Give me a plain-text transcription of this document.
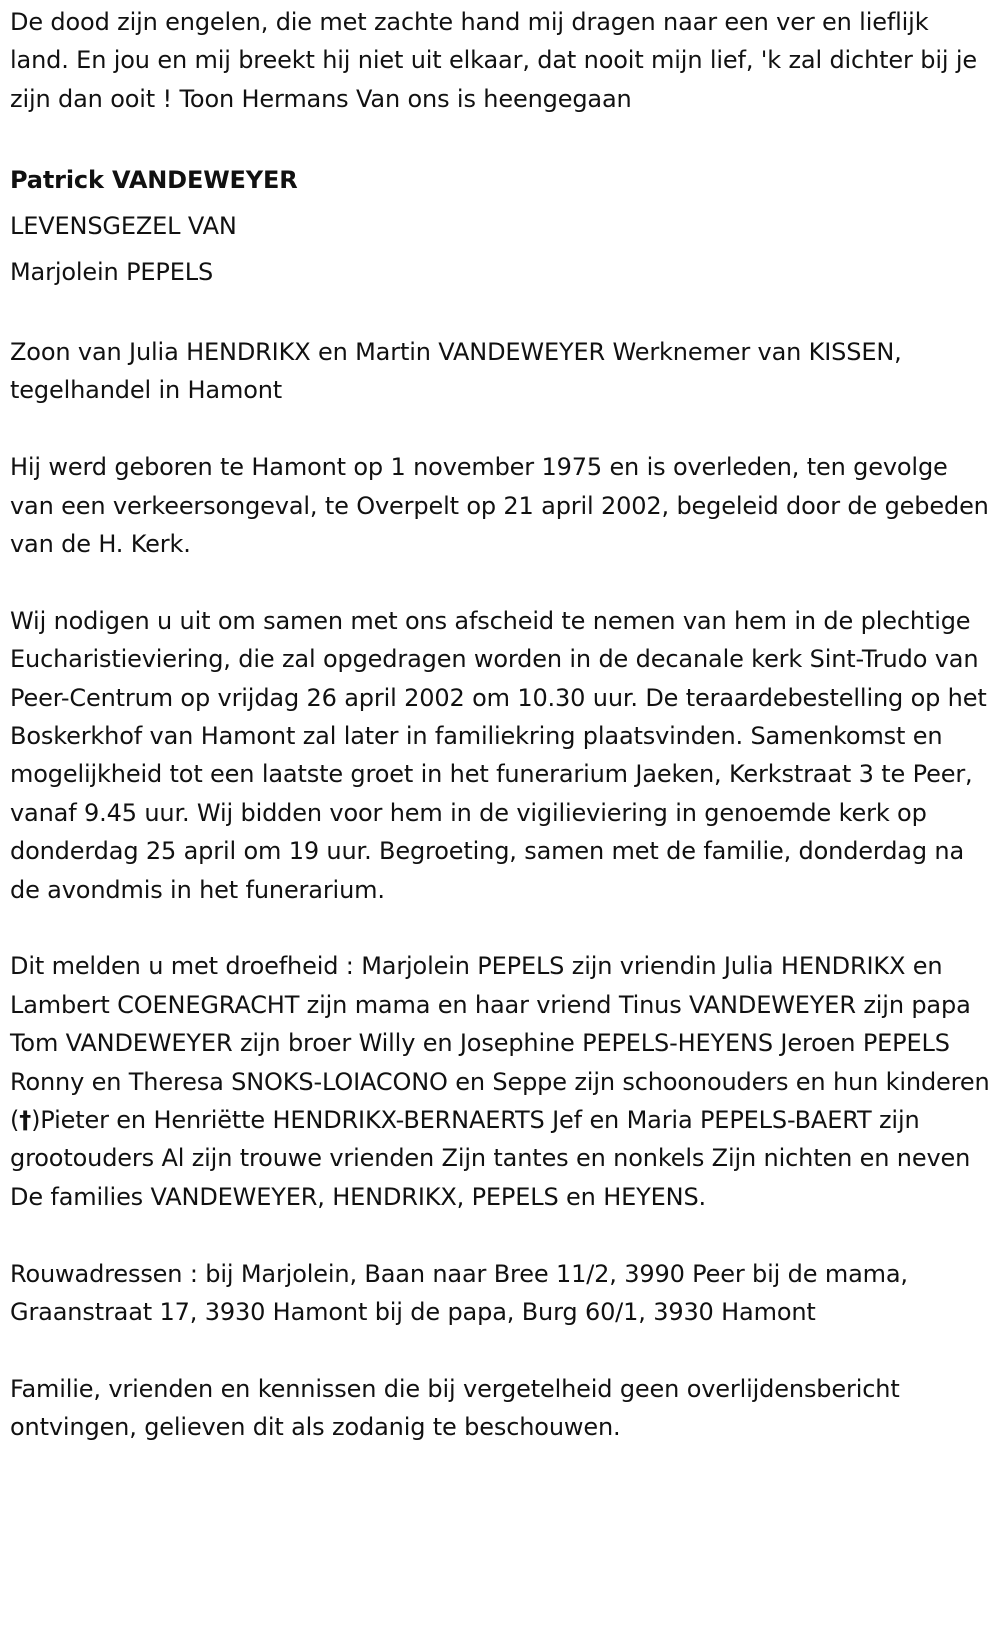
De dood zijn engelen, die met zachte hand mij dragen naar een ver en lieflijk land. En jou en mij breekt hij niet uit elkaar, dat nooit mijn lief, 'k zal dichter bij je zijn dan ooit ! Toon Hermans Van ons is heengegaan

Patrick VANDEWEYER

LEVENSGEZEL VAN

Marjolein PEPELS

Zoon van Julia HENDRIKX en Martin VANDEWEYER Werknemer van KISSEN, tegelhandel in Hamont

Hij werd geboren te Hamont op 1 november 1975 en is overleden, ten gevolge van een verkeersongeval, te Overpelt op 21 april 2002, begeleid door de gebeden van de H. Kerk.

Wij nodigen u uit om samen met ons afscheid te nemen van hem in de plechtige Eucharistieviering, die zal opgedragen worden in de decanale kerk Sint-Trudo van Peer-Centrum op vrijdag 26 april 2002 om 10.30 uur. De teraardebestelling op het Boskerkhof van Hamont zal later in familiekring plaatsvinden. Samenkomst en mogelijkheid tot een laatste groet in het funerarium Jaeken, Kerkstraat 3 te Peer, vanaf 9.45 uur. Wij bidden voor hem in de vigilieviering in genoemde kerk op donderdag 25 april om 19 uur. Begroeting, samen met de familie, donderdag na de avondmis in het funerarium.

Dit melden u met droefheid : Marjolein PEPELS zijn vriendin Julia HENDRIKX en Lambert COENEGRACHT zijn mama en haar vriend Tinus VANDEWEYER zijn papa Tom VANDEWEYER zijn broer Willy en Josephine PEPELS-HEYENS Jeroen PEPELS Ronny en Theresa SNOKS-LOIACONO en Seppe zijn schoonouders en hun kinderen (†)Pieter en Henriëtte HENDRIKX-BERNAERTS Jef en Maria PEPELS-BAERT zijn grootouders Al zijn trouwe vrienden Zijn tantes en nonkels Zijn nichten en neven De families VANDEWEYER, HENDRIKX, PEPELS en HEYENS.

Rouwadressen : bij Marjolein, Baan naar Bree 11/2, 3990 Peer bij de mama, Graanstraat 17, 3930 Hamont bij de papa, Burg 60/1, 3930 Hamont

Familie, vrienden en kennissen die bij vergetelheid geen overlijdensbericht ontvingen, gelieven dit als zodanig te beschouwen.
